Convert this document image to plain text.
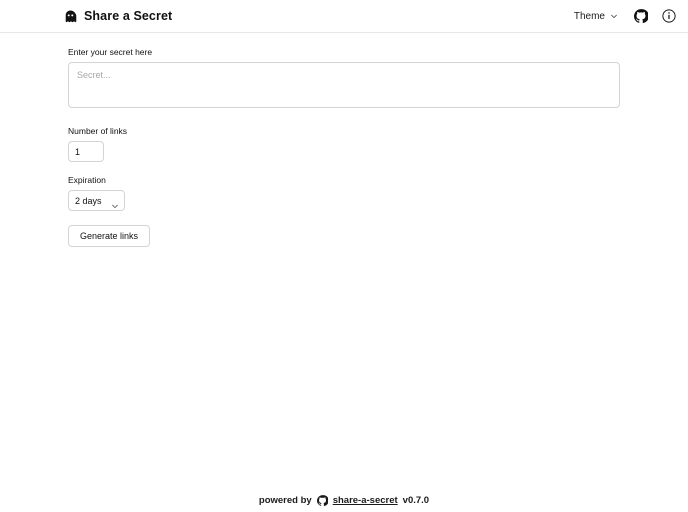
Share a Secret	Theme
Enter your secret here
Secret...
Number of links
1
Expiration
2 days
Generate links
powered by share-a-secret v0.7.0
